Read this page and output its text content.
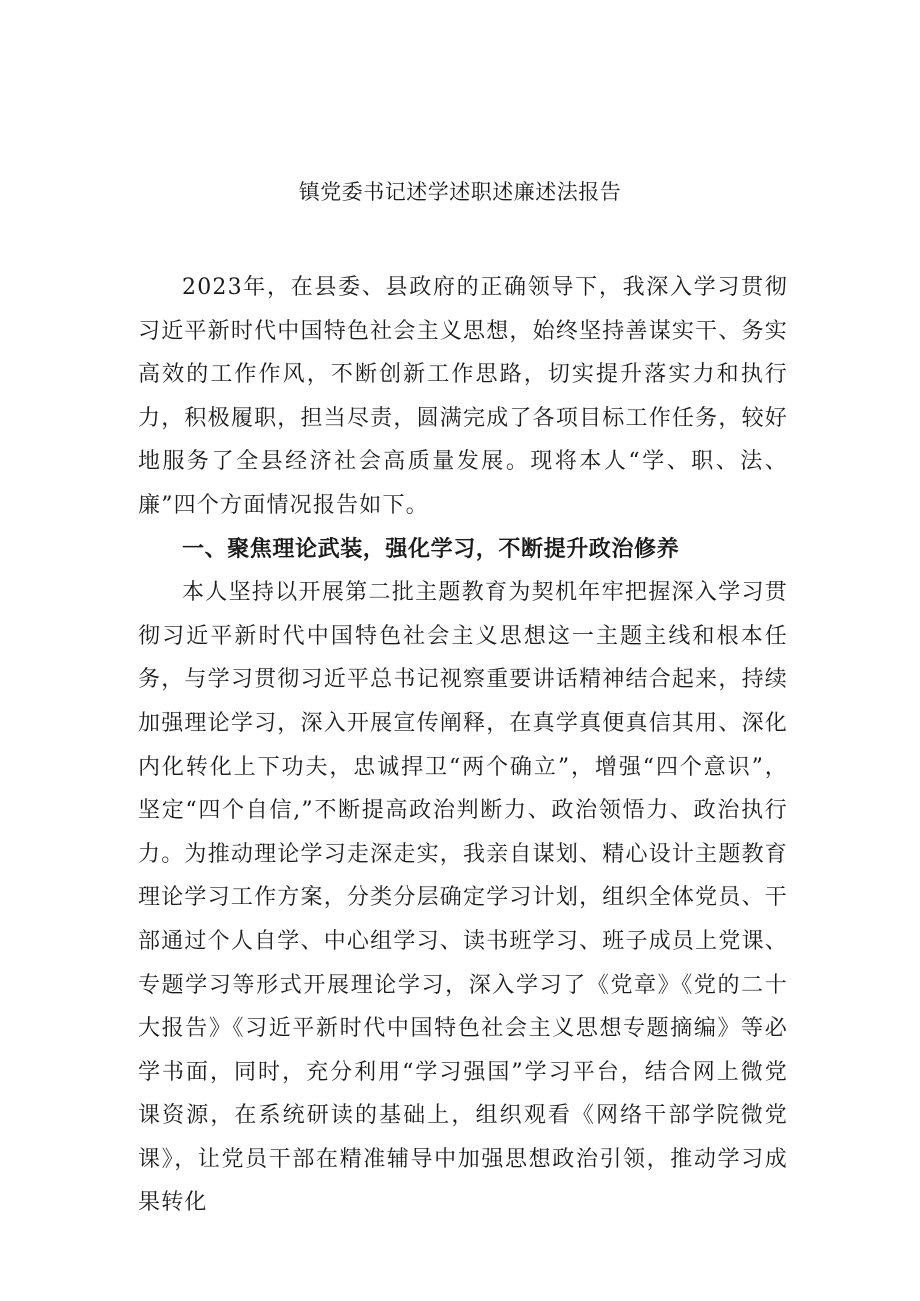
镇党委书记述学述职述廉述法报告

2023年，在县委、县政府的正确领导下，我深入学习贯彻习近平新时代中国特色社会主义思想，始终坚持善谋实干、务实高效的工作作风，不断创新工作思路，切实提升落实力和执行力，积极履职，担当尽责，圆满完成了各项目标工作任务，较好地服务了全县经济社会高质量发展。现将本人“学、职、法、廉”四个方面情况报告如下。

一、聚焦理论武装，强化学习，不断提升政治修养

本人坚持以开展第二批主题教育为契机年牢把握深入学习贯彻习近平新时代中国特色社会主义思想这一主题主线和根本任务，与学习贯彻习近平总书记视察重要讲话精神结合起来，持续加强理论学习，深入开展宣传阐释，在真学真便真信其用、深化内化转化上下功夫，忠诚捍卫“两个确立”，增强“四个意识”，坚定“四个自信,”不断提高政治判断力、政治领悟力、政治执行力。为推动理论学习走深走实，我亲自谋划、精心设计主题教育理论学习工作方案，分类分层确定学习计划，组织全体党员、干部通过个人自学、中心组学习、读书班学习、班子成员上党课、专题学习等形式开展理论学习，深入学习了《党章》《党的二十大报告》《习近平新时代中国特色社会主义思想专题摘编》等必学书面，同时，充分利用“学习强国”学习平台，结合网上微党课资源，在系统研读的基础上，组织观看《网络干部学院微党课》，让党员干部在精准辅导中加强思想政治引领，推动学习成果转化
